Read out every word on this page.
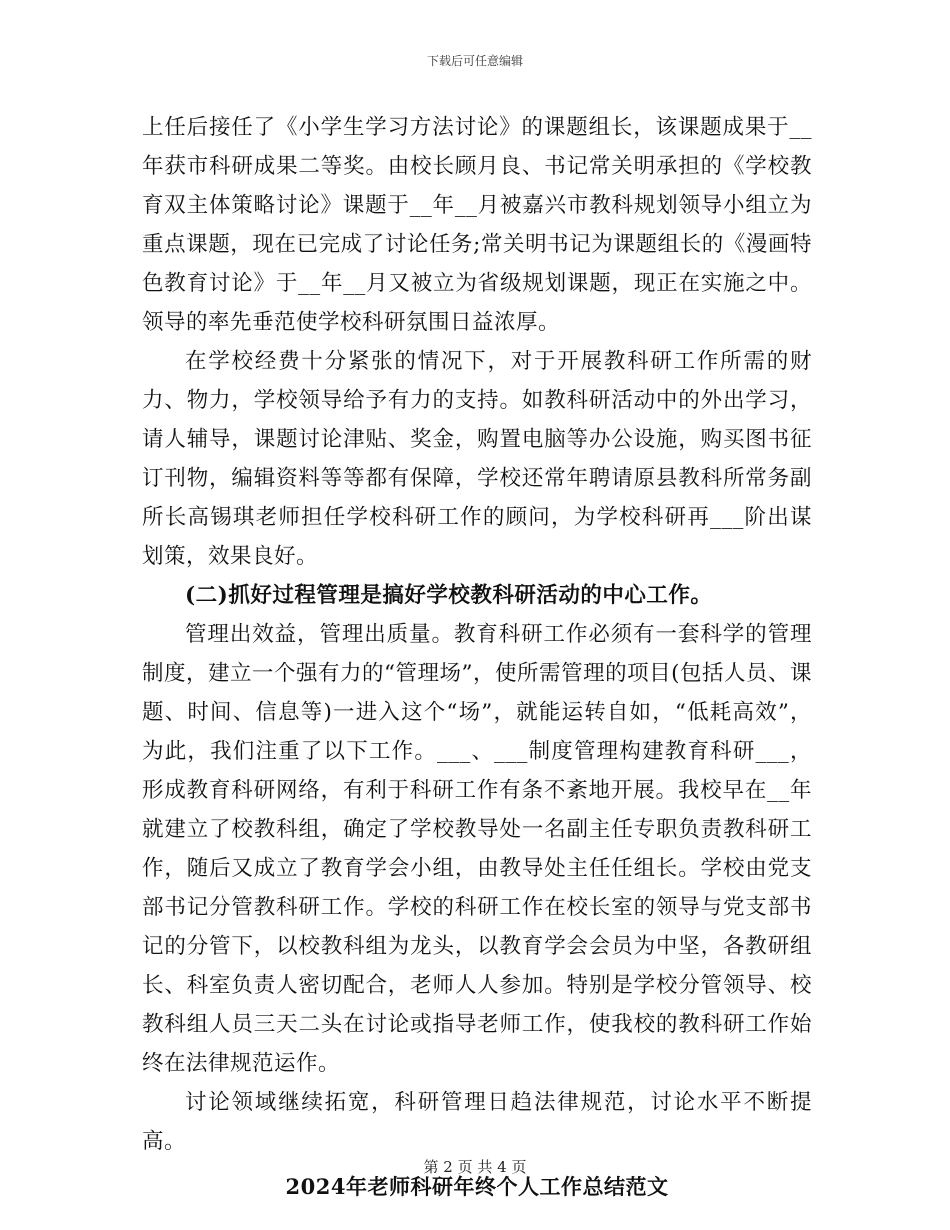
下载后可任意编辑

上任后接任了《小学生学习方法讨论》的课题组长，该课题成果于__年获市科研成果二等奖。由校长顾月良、书记常关明承担的《学校教育双主体策略讨论》课题于__年__月被嘉兴市教科规划领导小组立为重点课题，现在已完成了讨论任务;常关明书记为课题组长的《漫画特色教育讨论》于__年__月又被立为省级规划课题，现正在实施之中。领导的率先垂范使学校科研氛围日益浓厚。

在学校经费十分紧张的情况下，对于开展教科研工作所需的财力、物力，学校领导给予有力的支持。如教科研活动中的外出学习，请人辅导，课题讨论津贴、奖金，购置电脑等办公设施，购买图书征订刊物，编辑资料等等都有保障，学校还常年聘请原县教科所常务副所长高锡琪老师担任学校科研工作的顾问，为学校科研再___阶出谋划策，效果良好。

(二)抓好过程管理是搞好学校教科研活动的中心工作。

管理出效益，管理出质量。教育科研工作必须有一套科学的管理制度，建立一个强有力的“管理场”，使所需管理的项目(包括人员、课题、时间、信息等)一进入这个“场”，就能运转自如，“低耗高效”，为此，我们注重了以下工作。___、___制度管理构建教育科研___，形成教育科研网络，有利于科研工作有条不紊地开展。我校早在__年就建立了校教科组，确定了学校教导处一名副主任专职负责教科研工作，随后又成立了教育学会小组，由教导处主任任组长。学校由党支部书记分管教科研工作。学校的科研工作在校长室的领导与党支部书记的分管下，以校教科组为龙头，以教育学会会员为中坚，各教研组长、科室负责人密切配合，老师人人参加。特别是学校分管领导、校教科组人员三天二头在讨论或指导老师工作，使我校的教科研工作始终在法律规范运作。

讨论领域继续拓宽，科研管理日趋法律规范，讨论水平不断提高。

2024年老师科研年终个人工作总结范文

第 2 页 共 4 页
